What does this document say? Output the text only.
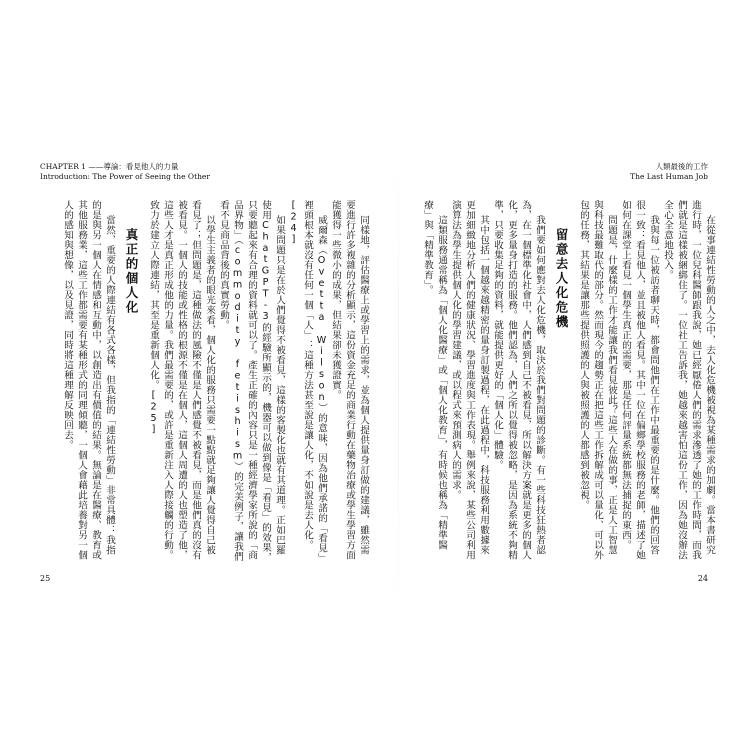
CHAPTER 1 ——導論：看見他人的力量
Introduction: The Power of Seeing the Other

同樣地，評估醫療上或學習上的需求，並為個人提供量身訂做的建議，雖然需要進行許多複雜的分析顯示，這份資金充足的商業行動在藥物治療或學生學習方面能獲得一些微小的成果，但結果卻未獲證實。

威爾森（Ovetta Wilson）的意味，因為他們承諾的「看見」裡頭根本就沒有任何一個「人」：這種方法甚至說是讓人化，不如說是去人化。[24]

如果問題只是在於人們覺得不被看見，這樣的客製化也就有其道理。正如巴羅使用ChatGPT-3的經驗所顯示的，機器可以做到像是「看見」的效果，只要聽起來有合理的資料就可以了。產生正確的內容只是一種經濟學家所說的「商品界物」（commodity fetishism）的完美例子，讓我們看不見商品背後的真實勞動。

以學生主義者的眼光來看，個人化的服務只需要一點點就足夠讓人覺得自己被看見了；但問題是，這種做法的風險不僅是人們感覺不被看見，而是他們真的沒有被看見。一個人的技能或性格的根源不僅是在個人，這個人周遭的人也塑造了他，這些人才是真正形成他的力量。我們最需要的，或許是重新注入人際接觸的行動。致力於建立人際連結，其至是重新個人化。[25]

真正的個人化

當然，重要的人際連結有各式各樣，但我指的「連結性勞動」非常具體：我指的是與另一個人在情感和互動中，以創造出有價值的結果。無論是在醫療、教育或其他服務業，這些工作都需要有某種形式的同理傾聽，一個人會藉此培養對另一個人的感知與想像，以及見證，同時將這種理解反映回去。

25
人類最後的工作
The Last Human Job

在從事連結性勞動的人之中，去人化危機被視為某種需求的加劇。當本書研究進行時，一位兒科醫師跟我說，她已經厭倦人們的需求滲透了她的工作時間，而我們就是這樣被綑綁住了。一位社工告訴我，她越來越害怕這份工作，因為她沒辦法全心全意地投入。

我與每一位被訪者聊天時，都會問他們在工作中最重要的是什麼。他們的回答很一致：看見他人，並且被他人看見。其中一位在偏鄉學校服務的老師，描述了她如何在課堂上看見一個學生真正的需要，那是任何評量系統都無法捕捉的東西。

問題是，什麼樣的工作才能讓我們看見彼此？這些人在做的事，正是人工智慧與科技最難取代的部分。然而現今的趨勢正在把這些工作拆解成可以量化、可以外包的任務，其結果是讓那些提供照護的人與被照護的人都感到被忽視。

留意去人化危機

我們要如何應對去人化危機，取決於我們對問題的診斷。有一些科技狂熱者認為，在一個標準化社會中，人們感到自己不被看見，所以解決方案就是更多的個人化，更多量身打造的服務。他們認為，人們之所以覺得被忽略，是因為系統不夠精準，只要收集足夠的資料，就能提供更好的「個人化」體驗。

其中包括一個越來越精密的量身訂製過程，在此過程中，科技服務利用數據來更加細緻地分析人們的健康狀況、學習進度與工作表現。舉例來說，某些公司利用演算法為學生提供個人化的學習建議，或以程式來預測病人的需求。

這類服務通常稱為「個人化醫療」或「個人化教育」，有時候也稱為「精準醫療」與「精準教育」。

24
